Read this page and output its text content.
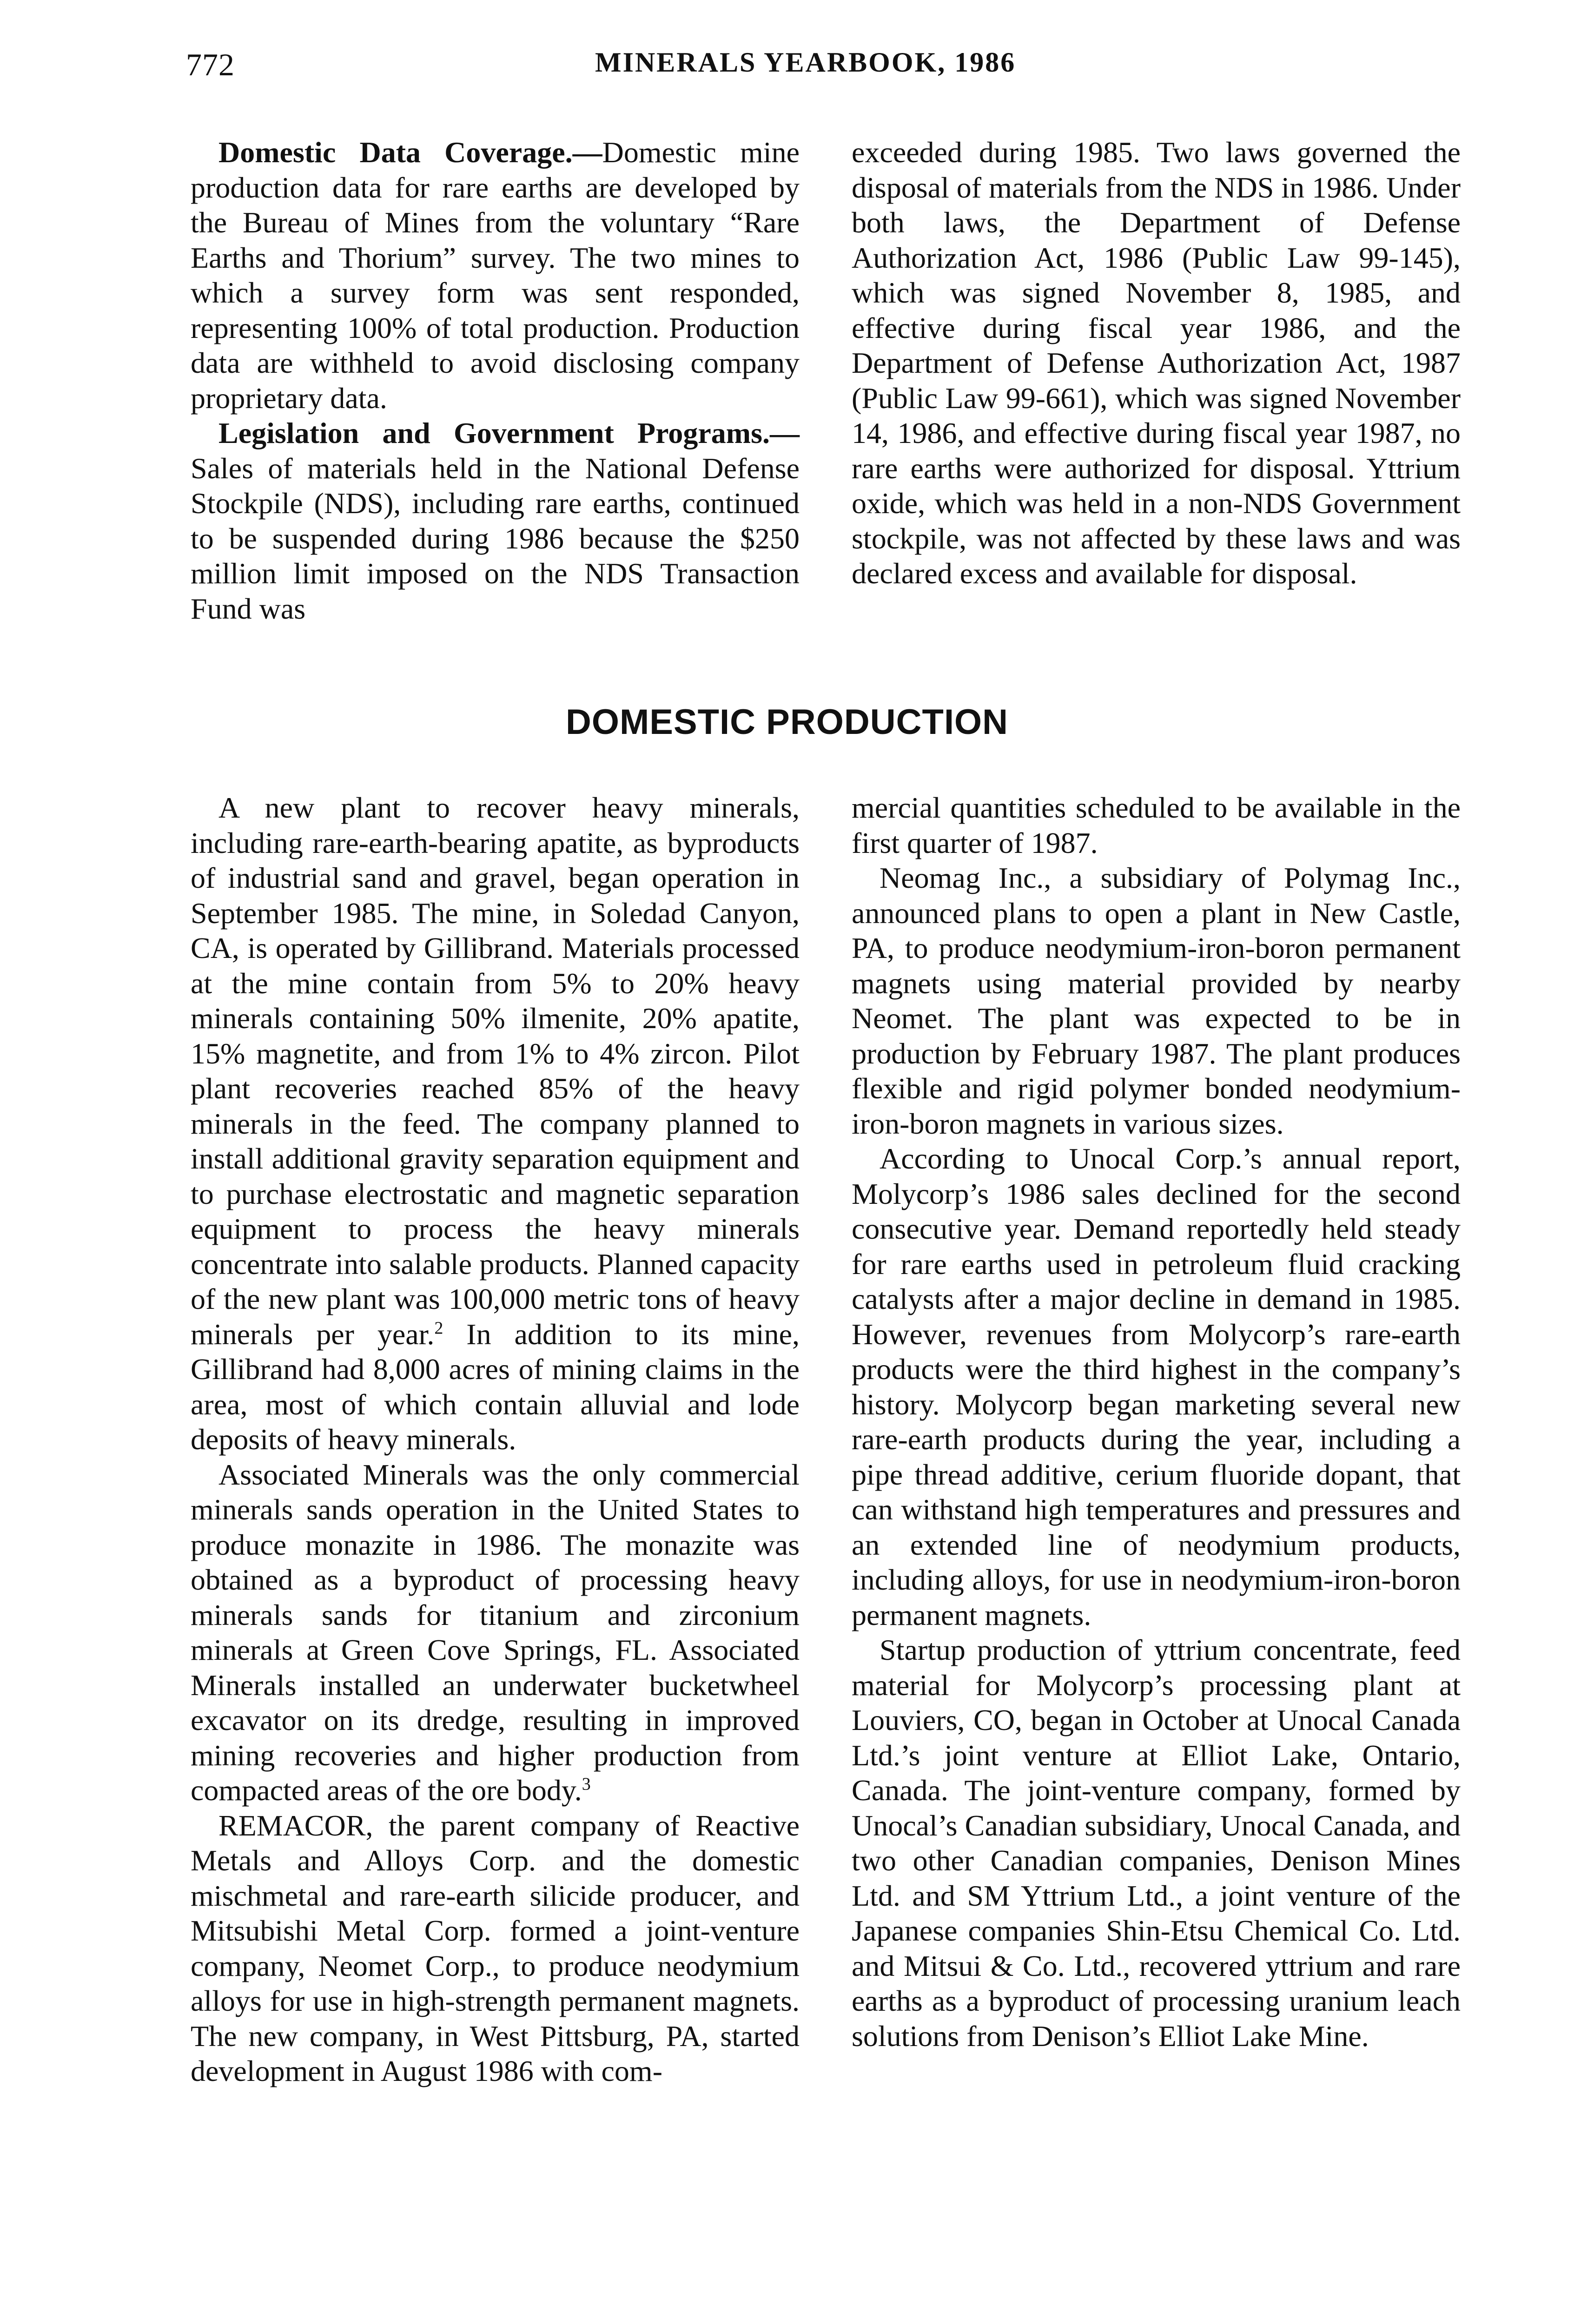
772	MINERALS YEARBOOK, 1986

Domestic Data Coverage.—Domestic mine production data for rare earths are developed by the Bureau of Mines from the voluntary “Rare Earths and Thorium” survey. The two mines to which a survey form was sent responded, representing 100% of total production. Production data are withheld to avoid disclosing company proprietary data.

Legislation and Government Programs.—Sales of materials held in the National Defense Stockpile (NDS), including rare earths, continued to be suspended during 1986 because the $250 million limit imposed on the NDS Transaction Fund was

exceeded during 1985. Two laws governed the disposal of materials from the NDS in 1986. Under both laws, the Department of Defense Authorization Act, 1986 (Public Law 99-145), which was signed November 8, 1985, and effective during fiscal year 1986, and the Department of Defense Authorization Act, 1987 (Public Law 99-661), which was signed November 14, 1986, and effective during fiscal year 1987, no rare earths were authorized for disposal. Yttrium oxide, which was held in a non-NDS Government stockpile, was not affected by these laws and was declared excess and available for disposal.

DOMESTIC PRODUCTION

A new plant to recover heavy minerals, including rare-earth-bearing apatite, as byproducts of industrial sand and gravel, began operation in September 1985. The mine, in Soledad Canyon, CA, is operated by Gillibrand. Materials processed at the mine contain from 5% to 20% heavy minerals containing 50% ilmenite, 20% apatite, 15% magnetite, and from 1% to 4% zircon. Pilot plant recoveries reached 85% of the heavy minerals in the feed. The company planned to install additional gravity separation equipment and to purchase electrostatic and magnetic separation equipment to process the heavy minerals concentrate into salable products. Planned capacity of the new plant was 100,000 metric tons of heavy minerals per year.$^2$ In addition to its mine, Gillibrand had 8,000 acres of mining claims in the area, most of which contain alluvial and lode deposits of heavy minerals.

Associated Minerals was the only commercial minerals sands operation in the United States to produce monazite in 1986. The monazite was obtained as a byproduct of processing heavy minerals sands for titanium and zirconium minerals at Green Cove Springs, FL. Associated Minerals installed an underwater bucketwheel excavator on its dredge, resulting in improved mining recoveries and higher production from compacted areas of the ore body.$^3$

REMACOR, the parent company of Reactive Metals and Alloys Corp. and the domestic mischmetal and rare-earth silicide producer, and Mitsubishi Metal Corp. formed a joint-venture company, Neomet Corp., to produce neodymium alloys for use in high-strength permanent magnets. The new company, in West Pittsburg, PA, started development in August 1986 with com-

mercial quantities scheduled to be available in the first quarter of 1987.

Neomag Inc., a subsidiary of Polymag Inc., announced plans to open a plant in New Castle, PA, to produce neodymium-iron-boron permanent magnets using material provided by nearby Neomet. The plant was expected to be in production by February 1987. The plant produces flexible and rigid polymer bonded neodymium-iron-boron magnets in various sizes.

According to Unocal Corp.’s annual report, Molycorp’s 1986 sales declined for the second consecutive year. Demand reportedly held steady for rare earths used in petroleum fluid cracking catalysts after a major decline in demand in 1985. However, revenues from Molycorp’s rare-earth products were the third highest in the company’s history. Molycorp began marketing several new rare-earth products during the year, including a pipe thread additive, cerium fluoride dopant, that can withstand high temperatures and pressures and an extended line of neodymium products, including alloys, for use in neodymium-iron-boron permanent magnets.

Startup production of yttrium concentrate, feed material for Molycorp’s processing plant at Louviers, CO, began in October at Unocal Canada Ltd.’s joint venture at Elliot Lake, Ontario, Canada. The joint-venture company, formed by Unocal’s Canadian subsidiary, Unocal Canada, and two other Canadian companies, Denison Mines Ltd. and SM Yttrium Ltd., a joint venture of the Japanese companies Shin-Etsu Chemical Co. Ltd. and Mitsui & Co. Ltd., recovered yttrium and rare earths as a byproduct of processing uranium leach solutions from Denison’s Elliot Lake Mine.
